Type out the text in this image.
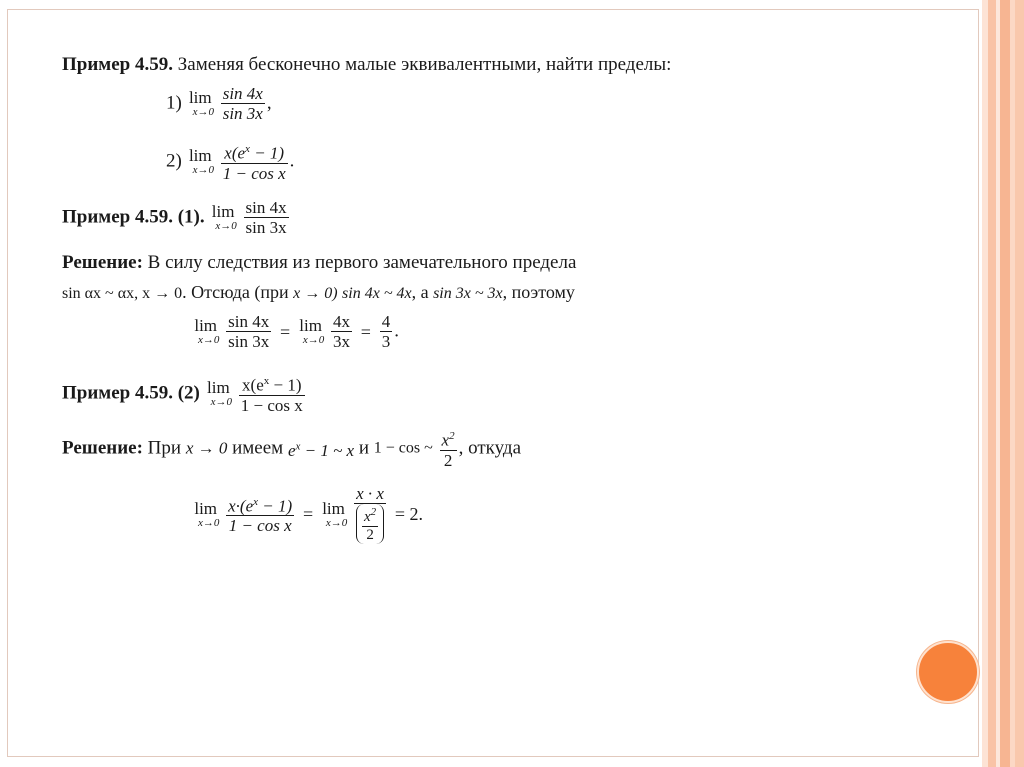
Пример 4.59. Заменяя бесконечно малые эквивалентными, найти пределы:
1) lim
x→0
$\frac{\sin 4x}{\sin 3x}$ ,
2) lim
x→0
$\frac{x(e^x - 1)}{\text{1 − cos x}}$ .
Пример 4.59. (1). lim
x→0
$\frac{\sin 4x}{\sin 3x}$
Решение: В силу следствия из первого замечательного предела
sin αx ~ αx, x → 0. Отсюда (при x → 0) sin 4x ~ 4x, а sin 3x ~ 3x, поэтому
lim
x→0
$\frac{\sin 4x}{\sin 3x} = \lim$
x→0
$\frac{4x}{3x} = \frac{4}{3}$ .
Пример 4.59. (2) lim
x→0
$\frac{x(e^x - 1)}{\text{1 − cos x}}$
Решение: При x → 0 имеем $e^x - 1$ ~ x и 1 − cos ~ $\frac{x^2}{2}$ , откуда
lim
x→0
$\frac{x\cdot(e^x - 1)}{\text{1 − cos x}} = \lim$
x→0
$\frac{x \cdot x}{\frac{x^2}{2}} = 2$.
